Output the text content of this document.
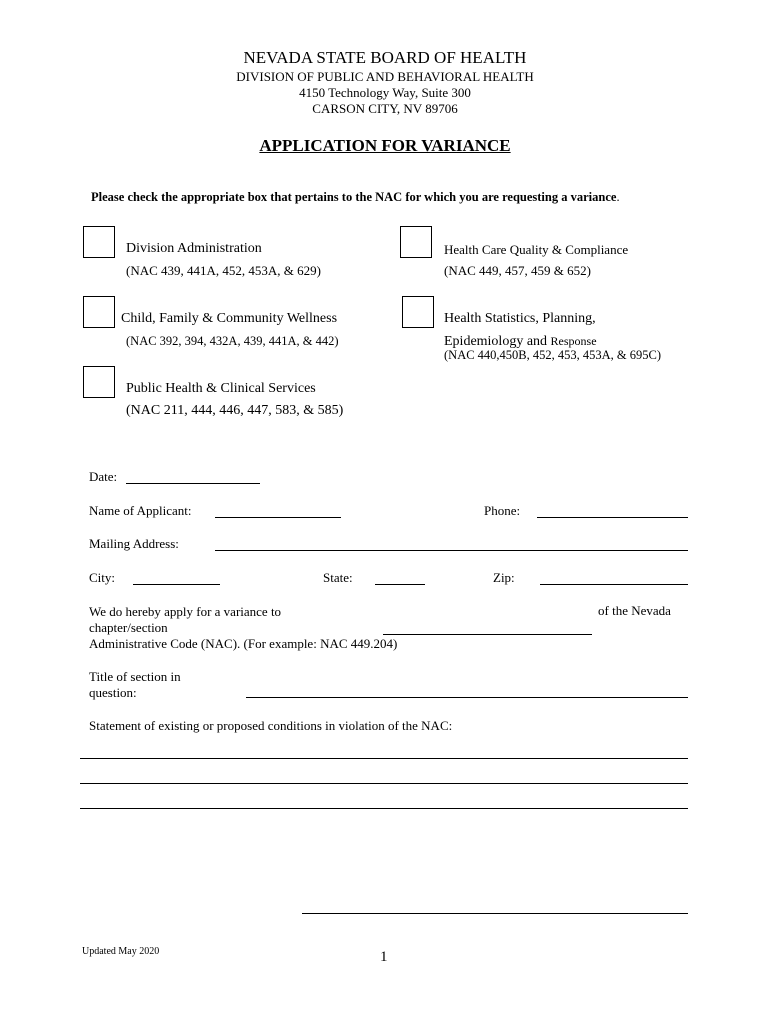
NEVADA STATE BOARD OF HEALTH
DIVISION OF PUBLIC AND BEHAVIORAL HEALTH
4150 Technology Way, Suite 300
CARSON CITY, NV 89706
APPLICATION FOR VARIANCE
Please check the appropriate box that pertains to the NAC for which you are requesting a variance.
Division Administration
(NAC 439, 441A, 452, 453A, & 629)
Health Care Quality & Compliance
(NAC 449, 457, 459 & 652)
Child, Family & Community Wellness
(NAC 392, 394, 432A, 439, 441A, & 442)
Health Statistics, Planning,
Epidemiology and Response
(NAC 440,450B, 452, 453, 453A, & 695C)
Public Health & Clinical Services
(NAC 211, 444, 446, 447, 583, & 585)
Date:
Name of Applicant:	Phone:
Mailing Address:
City:	State:	Zip:
We do hereby apply for a variance to	of the Nevada
chapter/section
Administrative Code (NAC). (For example: NAC 449.204)
Title of section in
question:
Statement of existing or proposed conditions in violation of the NAC:
Updated May 2020	1
